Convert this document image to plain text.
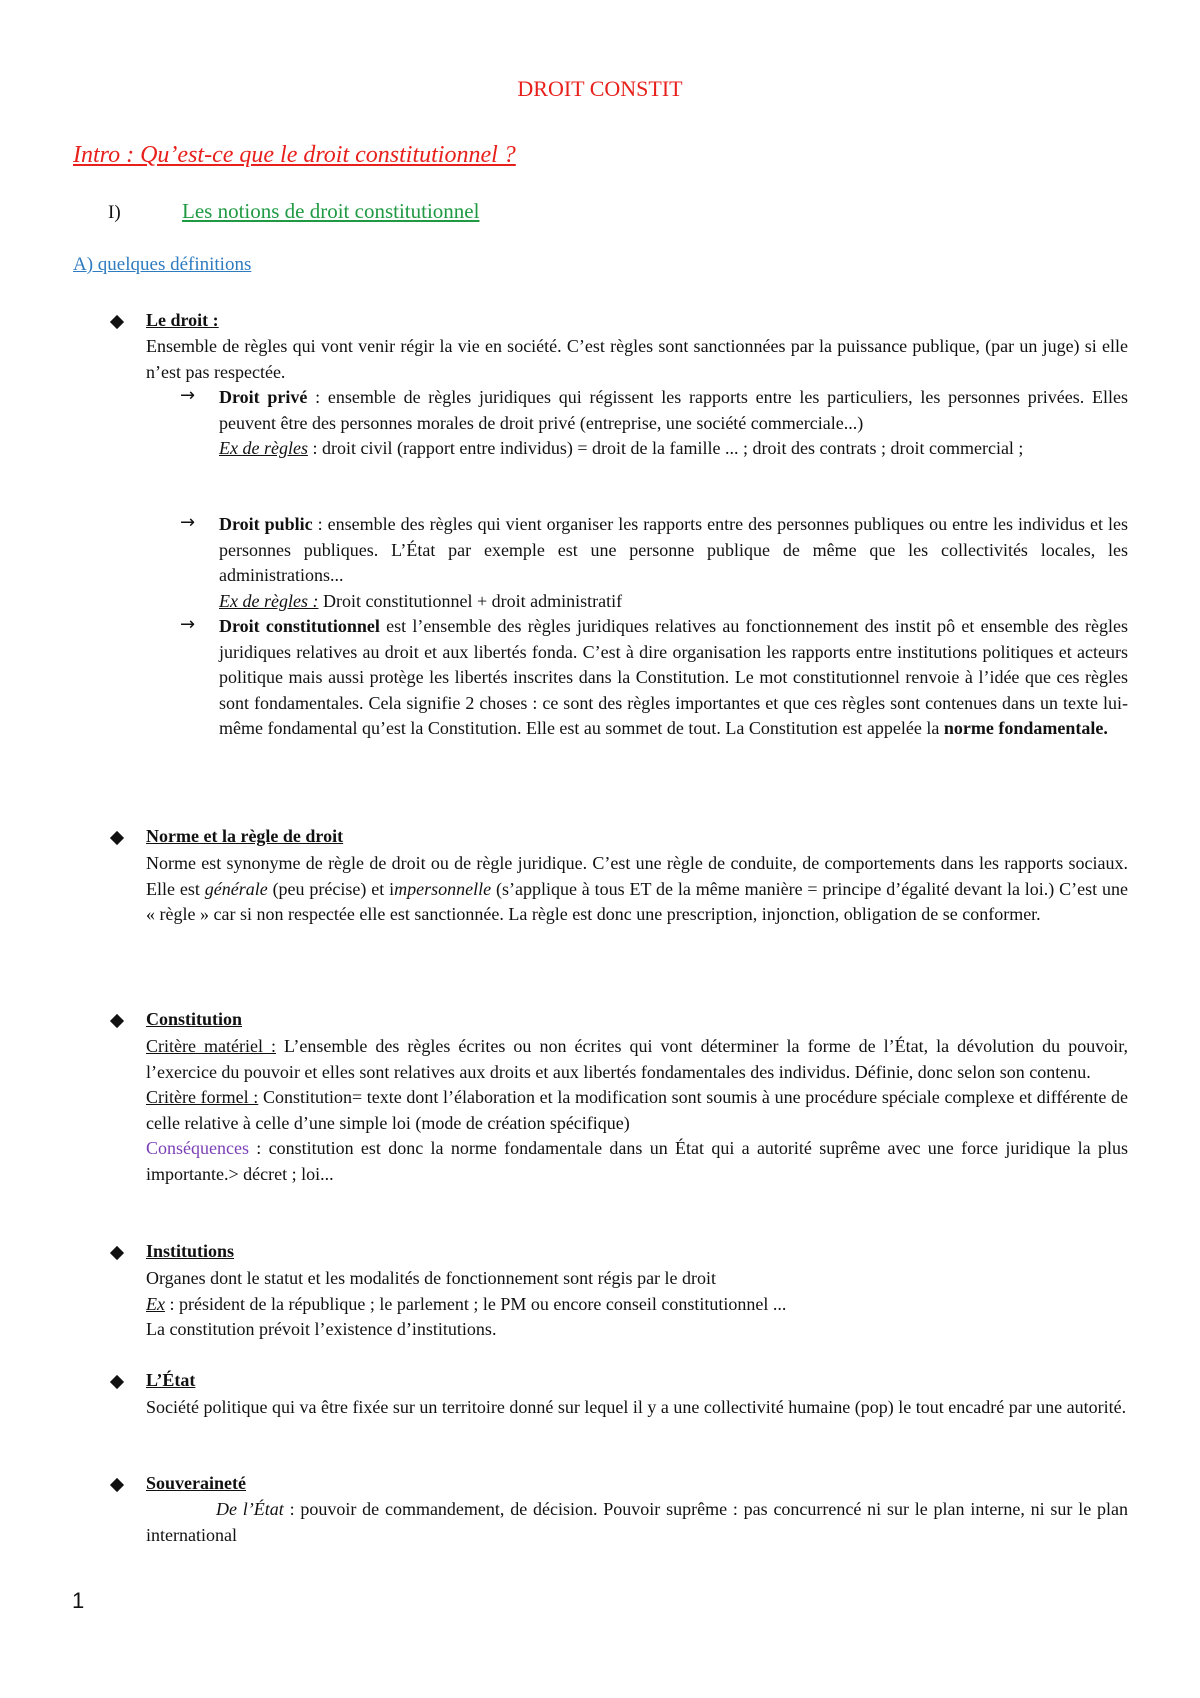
DROIT CONSTIT
Intro : Qu’est-ce que le droit constitutionnel ?
I)	Les notions de droit constitutionnel
A) quelques définitions
Le droit :

Ensemble de règles qui vont venir régir la vie en société. C’est règles sont sanctionnées par la puissance publique, (par un juge) si elle n’est pas respectée.

→ Droit privé : ensemble de règles juridiques qui régissent les rapports entre les particuliers, les personnes privées. Elles peuvent être des personnes morales de droit privé (entreprise, une société commerciale...)
Ex de règles : droit civil (rapport entre individus) = droit de la famille ... ; droit des contrats ; droit commercial ;

→ Droit public : ensemble des règles qui vient organiser les rapports entre des personnes publiques ou entre les individus et les personnes publiques. L’État par exemple est une personne publique de même que les collectivités locales, les administrations...
Ex de règles : Droit constitutionnel + droit administratif

→ Droit constitutionnel est l’ensemble des règles juridiques relatives au fonctionnement des instit pô et ensemble des règles juridiques relatives au droit et aux libertés fonda. C’est à dire organisation les rapports entre institutions politiques et acteurs politique mais aussi protège les libertés inscrites dans la Constitution. Le mot constitutionnel renvoie à l’idée que ces règles sont fondamentales. Cela signifie 2 choses : ce sont des règles importantes et que ces règles sont contenues dans un texte lui-même fondamental qu’est la Constitution. Elle est au sommet de tout. La Constitution est appelée la norme fondamentale.

Norme et la règle de droit

Norme est synonyme de règle de droit ou de règle juridique. C’est une règle de conduite, de comportements dans les rapports sociaux. Elle est générale (peu précise) et impersonnelle (s’applique à tous ET de la même manière = principe d’égalité devant la loi.) C’est une « règle » car si non respectée elle est sanctionnée. La règle est donc une prescription, injonction, obligation de se conformer.

Constitution

Critère matériel : L’ensemble des règles écrites ou non écrites qui vont déterminer la forme de l’État, la dévolution du pouvoir, l’exercice du pouvoir et elles sont relatives aux droits et aux libertés fondamentales des individus. Définie, donc selon son contenu.
Critère formel : Constitution= texte dont l’élaboration et la modification sont soumis à une procédure spéciale complexe et différente de celle relative à celle d’une simple loi (mode de création spécifique)
Conséquences : constitution est donc la norme fondamentale dans un État qui a autorité suprême avec une force juridique la plus importante.> décret ; loi...

Institutions

Organes dont le statut et les modalités de fonctionnement sont régis par le droit
Ex : président de la république ; le parlement ; le PM ou encore conseil constitutionnel ...
La constitution prévoit l’existence d’institutions.

L’État

Société politique qui va être fixée sur un territoire donné sur lequel il y a une collectivité humaine (pop) le tout encadré par une autorité.

Souveraineté

De l’État : pouvoir de commandement, de décision. Pouvoir suprême : pas concurrencé ni sur le plan interne, ni sur le plan international

1
